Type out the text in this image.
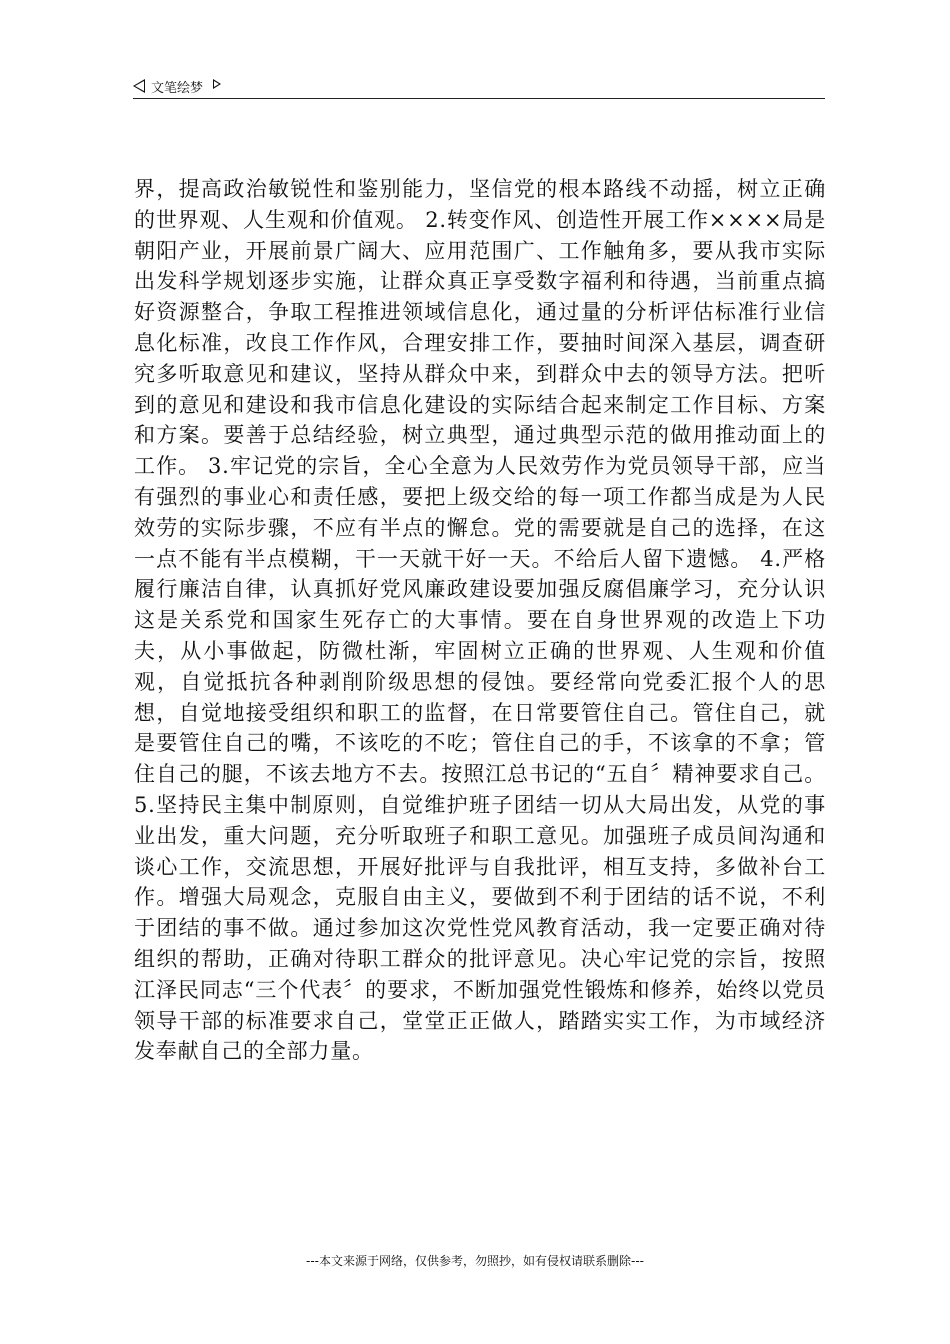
文笔绘梦
界，提高政治敏锐性和鉴别能力，坚信党的根本路线不动摇，树立正确的世界观、人生观和价值观。 2.转变作风、创造性开展工作××××局是朝阳产业，开展前景广阔大、应用范围广、工作触角多，要从我市实际出发科学规划逐步实施，让群众真正享受数字福利和待遇，当前重点搞好资源整合，争取工程推进领域信息化，通过量的分析评估标准行业信息化标准，改良工作作风，合理安排工作，要抽时间深入基层，调查研究多听取意见和建议，坚持从群众中来，到群众中去的领导方法。把听到的意见和建设和我市信息化建设的实际结合起来制定工作目标、方案和方案。要善于总结经验，树立典型，通过典型示范的做用推动面上的工作。 3.牢记党的宗旨，全心全意为人民效劳作为党员领导干部，应当有强烈的事业心和责任感，要把上级交给的每一项工作都当成是为人民效劳的实际步骤，不应有半点的懈怠。党的需要就是自己的选择，在这一点不能有半点模糊，干一天就干好一天。不给后人留下遗憾。 4.严格履行廉洁自律，认真抓好党风廉政建设要加强反腐倡廉学习，充分认识这是关系党和国家生死存亡的大事情。要在自身世界观的改造上下功夫，从小事做起，防微杜渐，牢固树立正确的世界观、人生观和价值观，自觉抵抗各种剥削阶级思想的侵蚀。要经常向党委汇报个人的思想，自觉地接受组织和职工的监督，在日常要管住自己。管住自己，就是要管住自己的嘴，不该吃的不吃；管住自己的手，不该拿的不拿；管住自己的腿，不该去地方不去。按照江总书记的“五自〞精神要求自己。 5.坚持民主集中制原则，自觉维护班子团结一切从大局出发，从党的事业出发，重大问题，充分听取班子和职工意见。加强班子成员间沟通和谈心工作，交流思想，开展好批评与自我批评，相互支持，多做补台工作。增强大局观念，克服自由主义，要做到不利于团结的话不说，不利于团结的事不做。通过参加这次党性党风教育活动，我一定要正确对待组织的帮助，正确对待职工群众的批评意见。决心牢记党的宗旨，按照江泽民同志“三个代表〞的要求，不断加强党性锻炼和修养，始终以党员领导干部的标准要求自己，堂堂正正做人，踏踏实实工作，为市域经济发奉献自己的全部力量。
---本文来源于网络，仅供参考，勿照抄，如有侵权请联系删除---
